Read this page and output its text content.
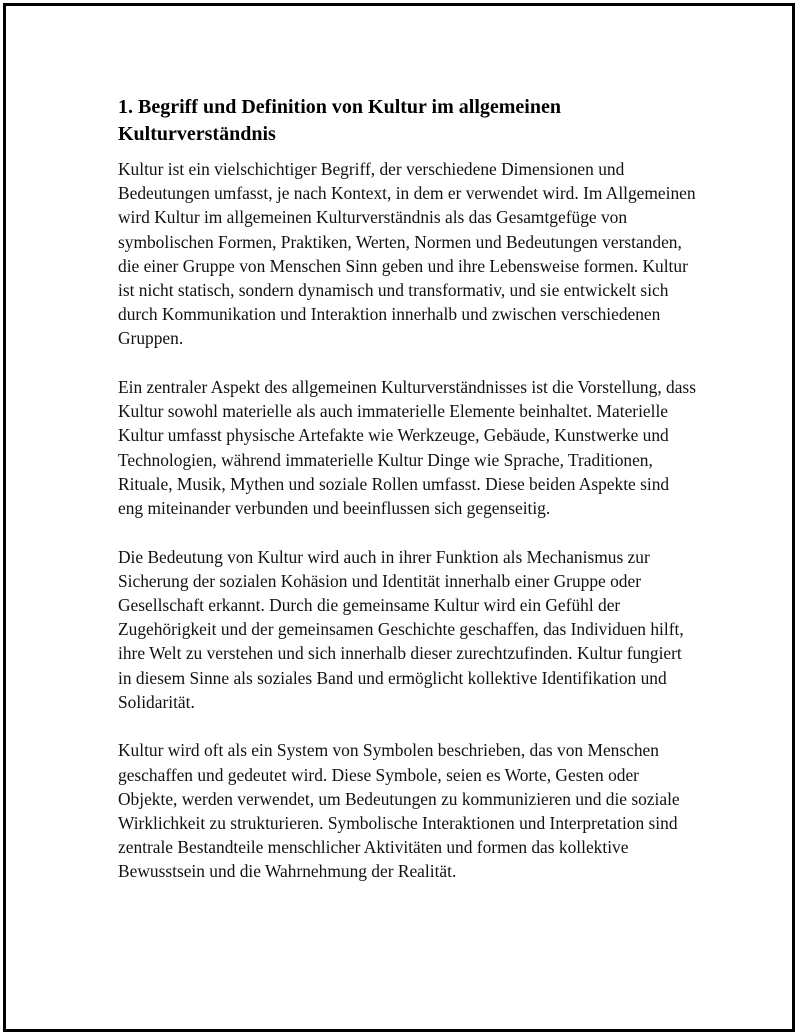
1. Begriff und Definition von Kultur im allgemeinen Kulturverständnis

Kultur ist ein vielschichtiger Begriff, der verschiedene Dimensionen und Bedeutungen umfasst, je nach Kontext, in dem er verwendet wird. Im Allgemeinen wird Kultur im allgemeinen Kulturverständnis als das Gesamtgefüge von symbolischen Formen, Praktiken, Werten, Normen und Bedeutungen verstanden, die einer Gruppe von Menschen Sinn geben und ihre Lebensweise formen. Kultur ist nicht statisch, sondern dynamisch und transformativ, und sie entwickelt sich durch Kommunikation und Interaktion innerhalb und zwischen verschiedenen Gruppen.

Ein zentraler Aspekt des allgemeinen Kulturverständnisses ist die Vorstellung, dass Kultur sowohl materielle als auch immaterielle Elemente beinhaltet. Materielle Kultur umfasst physische Artefakte wie Werkzeuge, Gebäude, Kunstwerke und Technologien, während immaterielle Kultur Dinge wie Sprache, Traditionen, Rituale, Musik, Mythen und soziale Rollen umfasst. Diese beiden Aspekte sind eng miteinander verbunden und beeinflussen sich gegenseitig.

Die Bedeutung von Kultur wird auch in ihrer Funktion als Mechanismus zur Sicherung der sozialen Kohäsion und Identität innerhalb einer Gruppe oder Gesellschaft erkannt. Durch die gemeinsame Kultur wird ein Gefühl der Zugehörigkeit und der gemeinsamen Geschichte geschaffen, das Individuen hilft, ihre Welt zu verstehen und sich innerhalb dieser zurechtzufinden. Kultur fungiert in diesem Sinne als soziales Band und ermöglicht kollektive Identifikation und Solidarität.

Kultur wird oft als ein System von Symbolen beschrieben, das von Menschen geschaffen und gedeutet wird. Diese Symbole, seien es Worte, Gesten oder Objekte, werden verwendet, um Bedeutungen zu kommunizieren und die soziale Wirklichkeit zu strukturieren. Symbolische Interaktionen und Interpretation sind zentrale Bestandteile menschlicher Aktivitäten und formen das kollektive Bewusstsein und die Wahrnehmung der Realität.
